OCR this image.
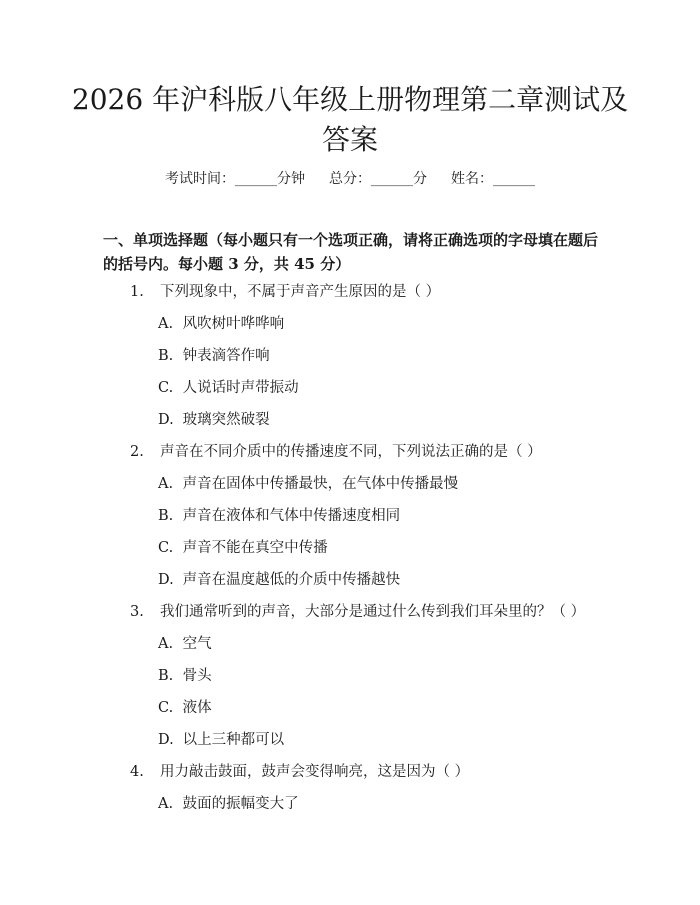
2026 年沪科版八年级上册物理第二章测试及
答案
考试时间：______分钟 总分：______分 姓名：______
一、单项选择题（每小题只有一个选项正确，请将正确选项的字母填在题后的括号内。每小题 3 分，共 45 分）
1.	下列现象中，不属于声音产生原因的是（ ）
A. 风吹树叶哗哗响
B. 钟表滴答作响
C. 人说话时声带振动
D. 玻璃突然破裂
2.	声音在不同介质中的传播速度不同，下列说法正确的是（ ）
A. 声音在固体中传播最快，在气体中传播最慢
B. 声音在液体和气体中传播速度相同
C. 声音不能在真空中传播
D. 声音在温度越低的介质中传播越快
3.	我们通常听到的声音，大部分是通过什么传到我们耳朵里的？（ ）
A. 空气
B. 骨头
C. 液体
D. 以上三种都可以
4.	用力敲击鼓面，鼓声会变得响亮，这是因为（ ）
A. 鼓面的振幅变大了
